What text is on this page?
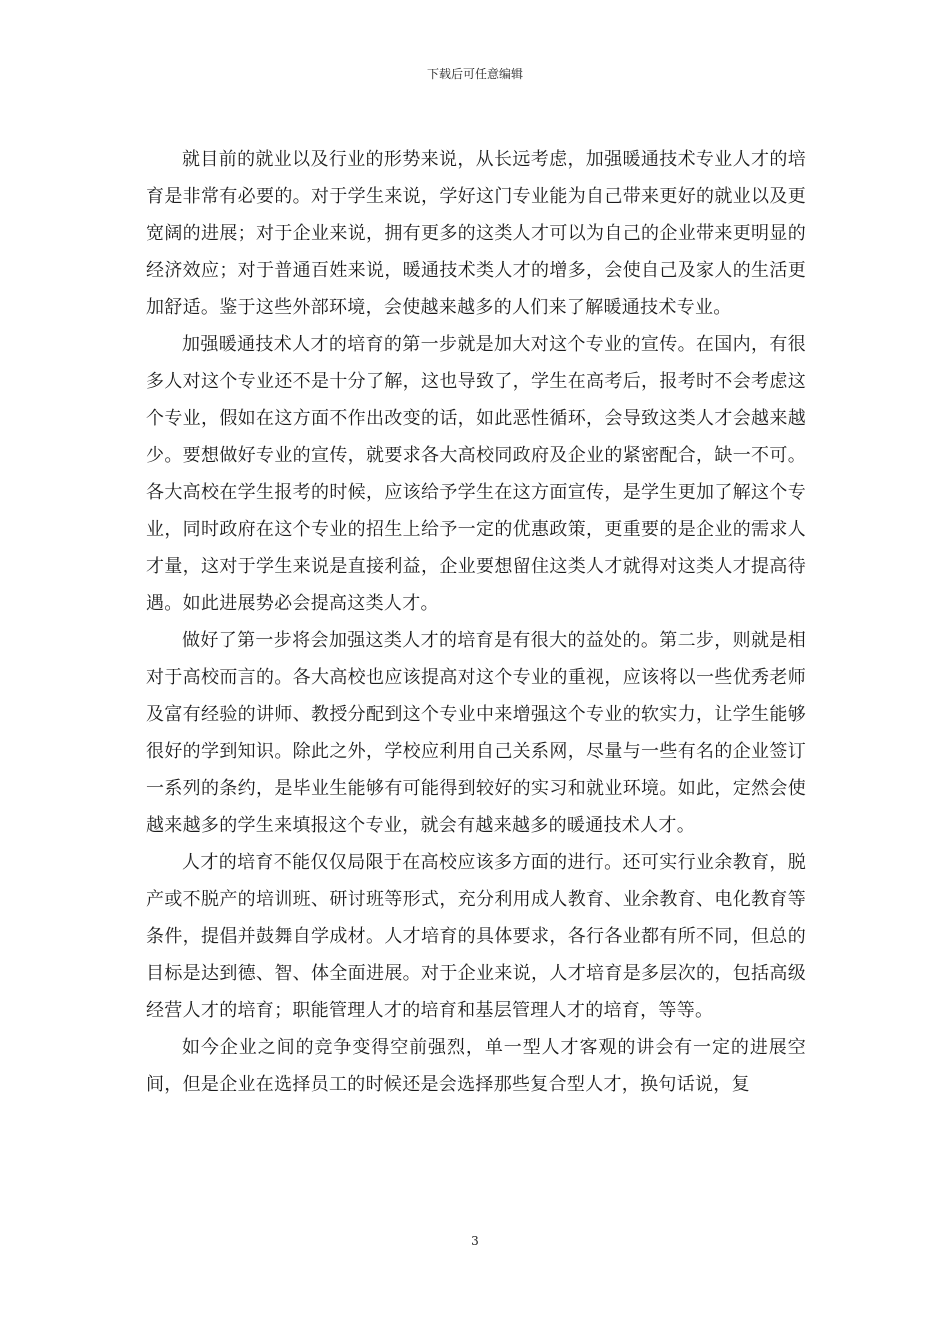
下载后可任意编辑

就目前的就业以及行业的形势来说，从长远考虑，加强暖通技术专业人才的培育是非常有必要的。对于学生来说，学好这门专业能为自己带来更好的就业以及更宽阔的进展；对于企业来说，拥有更多的这类人才可以为自己的企业带来更明显的经济效应；对于普通百姓来说，暖通技术类人才的增多，会使自己及家人的生活更加舒适。鉴于这些外部环境，会使越来越多的人们来了解暖通技术专业。

加强暖通技术人才的培育的第一步就是加大对这个专业的宣传。在国内，有很多人对这个专业还不是十分了解，这也导致了，学生在高考后，报考时不会考虑这个专业，假如在这方面不作出改变的话，如此恶性循环，会导致这类人才会越来越少。要想做好专业的宣传，就要求各大高校同政府及企业的紧密配合，缺一不可。各大高校在学生报考的时候，应该给予学生在这方面宣传，是学生更加了解这个专业，同时政府在这个专业的招生上给予一定的优惠政策，更重要的是企业的需求人才量，这对于学生来说是直接利益，企业要想留住这类人才就得对这类人才提高待遇。如此进展势必会提高这类人才。

做好了第一步将会加强这类人才的培育是有很大的益处的。第二步，则就是相对于高校而言的。各大高校也应该提高对这个专业的重视，应该将以一些优秀老师及富有经验的讲师、教授分配到这个专业中来增强这个专业的软实力，让学生能够很好的学到知识。除此之外，学校应利用自己关系网，尽量与一些有名的企业签订一系列的条约，是毕业生能够有可能得到较好的实习和就业环境。如此，定然会使越来越多的学生来填报这个专业，就会有越来越多的暖通技术人才。

人才的培育不能仅仅局限于在高校应该多方面的进行。还可实行业余教育，脱产或不脱产的培训班、研讨班等形式，充分利用成人教育、业余教育、电化教育等条件，提倡并鼓舞自学成材。人才培育的具体要求，各行各业都有所不同，但总的目标是达到德、智、体全面进展。对于企业来说，人才培育是多层次的，包括高级经营人才的培育；职能管理人才的培育和基层管理人才的培育，等等。

如今企业之间的竞争变得空前强烈，单一型人才客观的讲会有一定的进展空间，但是企业在选择员工的时候还是会选择那些复合型人才，换句话说，复

3
